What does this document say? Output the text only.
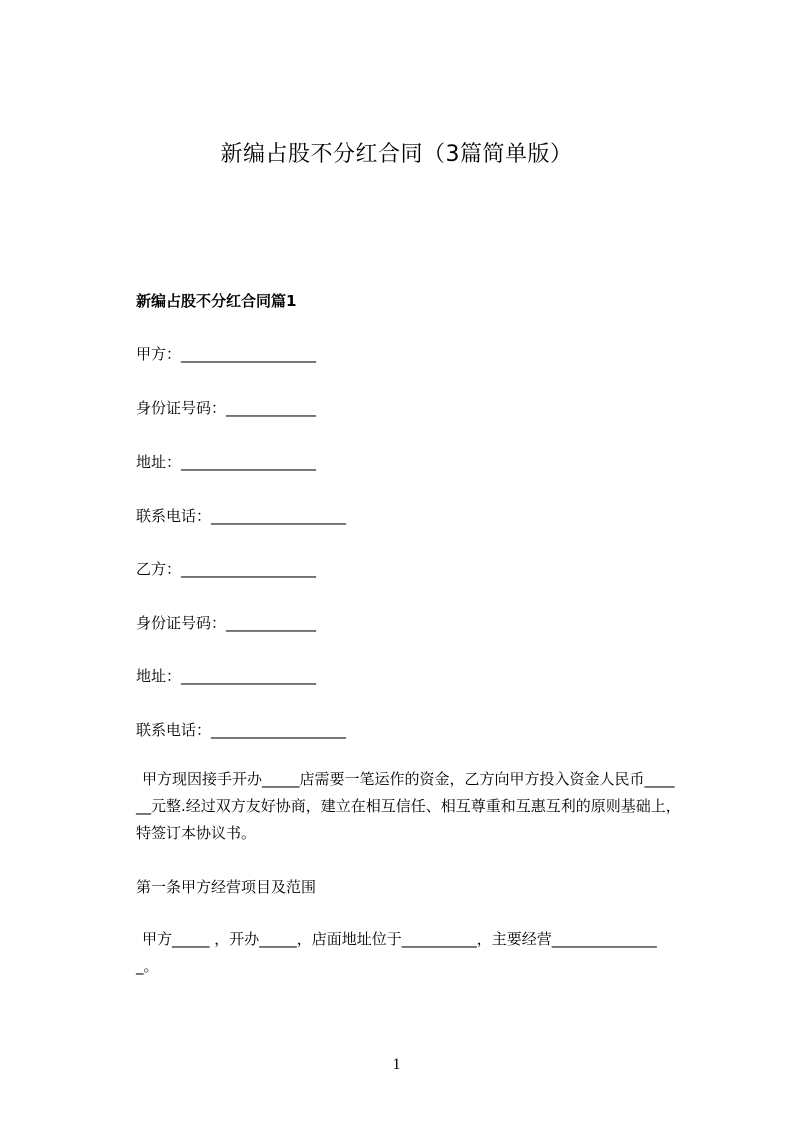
新编占股不分红合同（3篇简单版）
新编占股不分红合同篇1
甲方：__________________
身份证号码：____________
地址：__________________
联系电话：__________________
乙方：__________________
身份证号码：____________
地址：__________________
联系电话：__________________
甲方现因接手开办_____店需要一笔运作的资金，乙方向甲方投入资金人民币____
__元整.经过双方友好协商，建立在相互信任、相互尊重和互惠互利的原则基础上，
特签订本协议书。
第一条甲方经营项目及范围
甲方_____ ，开办_____，店面地址位于__________，主要经营______________
_。
1
